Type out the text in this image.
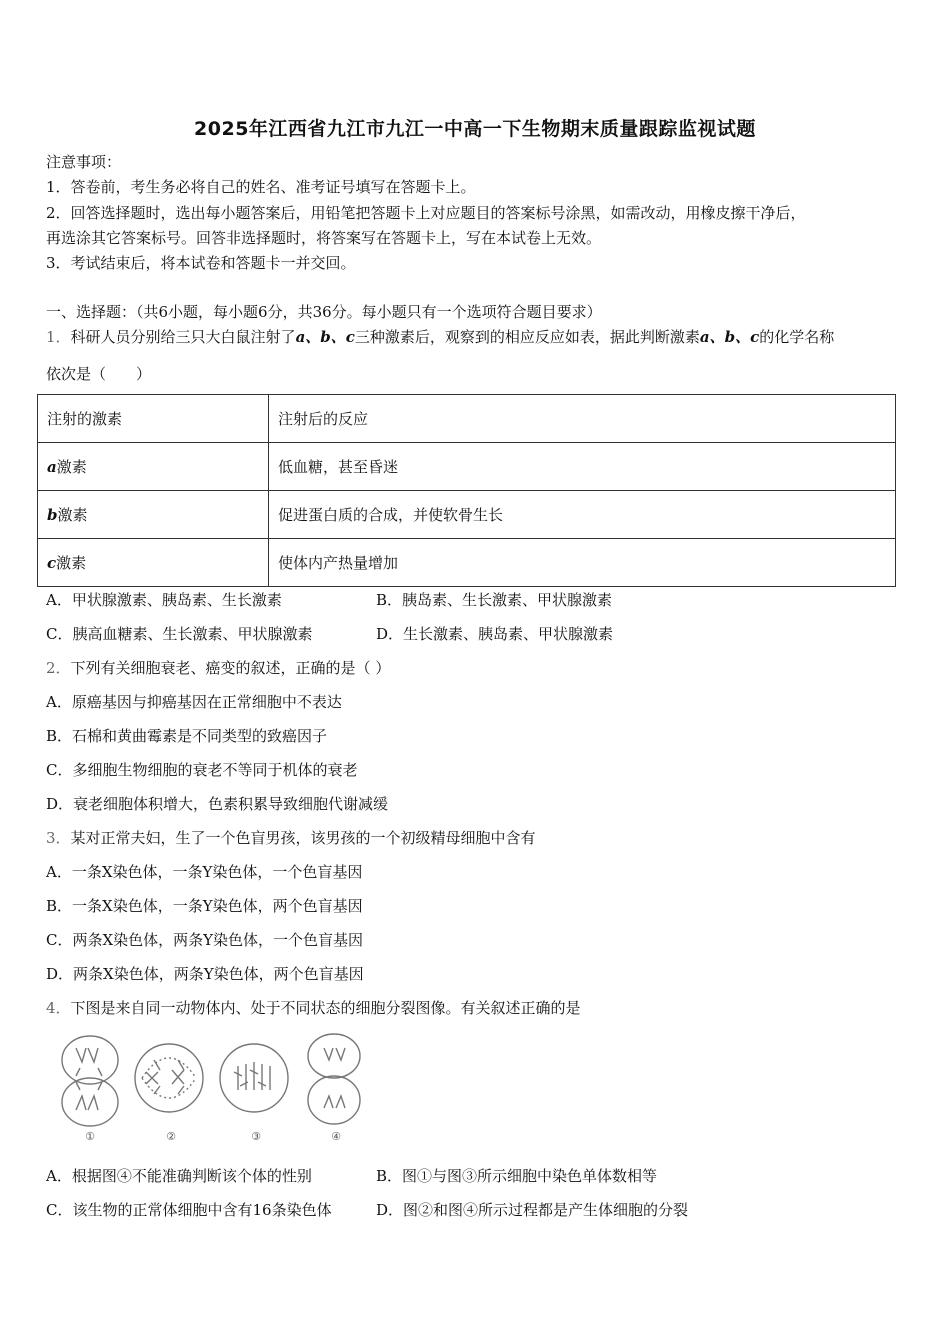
2025年江西省九江市九江一中高一下生物期末质量跟踪监视试题
注意事项：
1．答卷前，考生务必将自己的姓名、准考证号填写在答题卡上。
2．回答选择题时，选出每小题答案后，用铅笔把答题卡上对应题目的答案标号涂黑，如需改动，用橡皮擦干净后，
再选涂其它答案标号。回答非选择题时，将答案写在答题卡上，写在本试卷上无效。
3．考试结束后，将本试卷和答题卡一并交回。
一、选择题：（共6小题，每小题6分，共36分。每小题只有一个选项符合题目要求）
1．科研人员分别给三只大白鼠注射了a、b、c三种激素后，观察到的相应反应如表，据此判断激素a、b、c的化学名称
依次是（　　）
注射的激素	注射后的反应
a激素	低血糖，甚至昏迷
b激素	促进蛋白质的合成，并使软骨生长
c激素	使体内产热量增加
A．甲状腺激素、胰岛素、生长激素	B．胰岛素、生长激素、甲状腺激素
C．胰高血糖素、生长激素、甲状腺激素	D．生长激素、胰岛素、甲状腺激素
2．下列有关细胞衰老、癌变的叙述，正确的是（ ）
A．原癌基因与抑癌基因在正常细胞中不表达
B．石棉和黄曲霉素是不同类型的致癌因子
C．多细胞生物细胞的衰老不等同于机体的衰老
D．衰老细胞体积增大，色素积累导致细胞代谢减缓
3．某对正常夫妇，生了一个色盲男孩，该男孩的一个初级精母细胞中含有
A．一条X染色体，一条Y染色体，一个色盲基因
B．一条X染色体，一条Y染色体，两个色盲基因
C．两条X染色体，两条Y染色体，一个色盲基因
D．两条X染色体，两条Y染色体，两个色盲基因
4．下图是来自同一动物体内、处于不同状态的细胞分裂图像。有关叙述正确的是
①	②	③	④
A．根据图④不能准确判断该个体的性别	B．图①与图③所示细胞中染色单体数相等
C．该生物的正常体细胞中含有16条染色体	D．图②和图④所示过程都是产生体细胞的分裂
